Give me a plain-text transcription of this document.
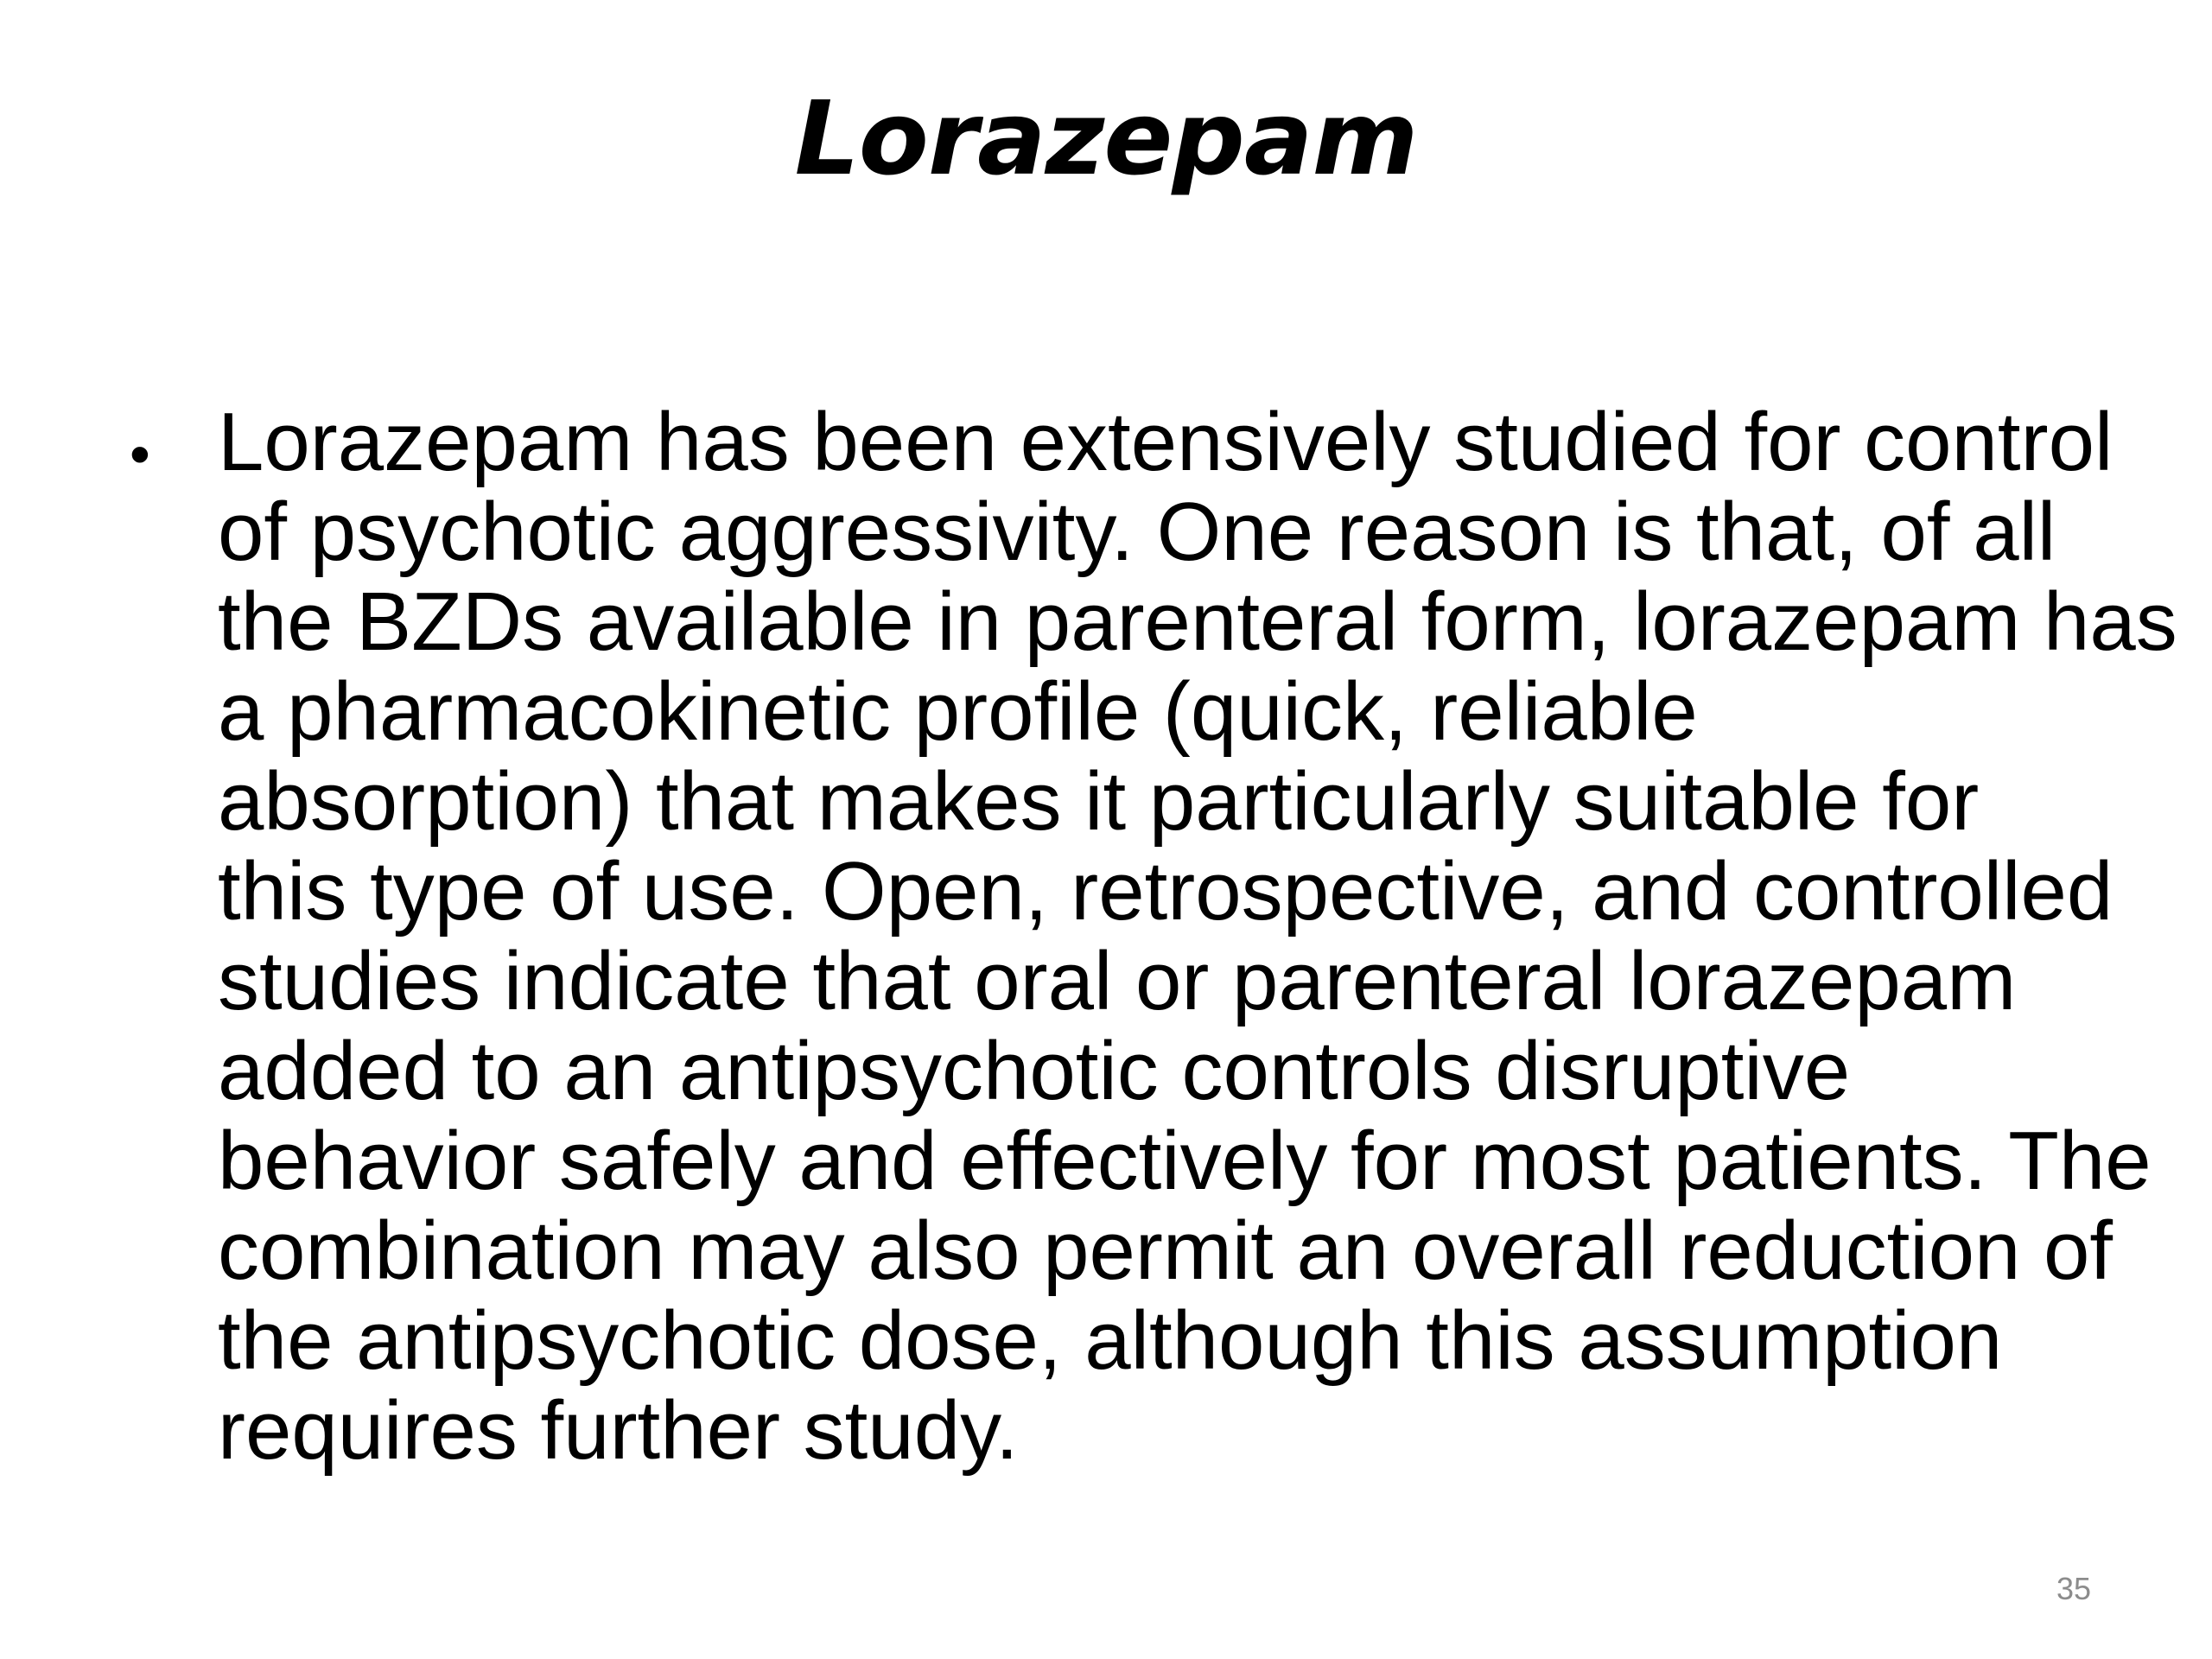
Lorazepam
• Lorazepam has been extensively studied for control
of psychotic aggressivity. One reason is that, of all
the BZDs available in parenteral form, lorazepam has
a pharmacokinetic profile (quick, reliable
absorption) that makes it particularly suitable for
this type of use. Open, retrospective, and controlled
studies indicate that oral or parenteral lorazepam
added to an antipsychotic controls disruptive
behavior safely and effectively for most patients. The
combination may also permit an overall reduction of
the antipsychotic dose, although this assumption
requires further study.
35
